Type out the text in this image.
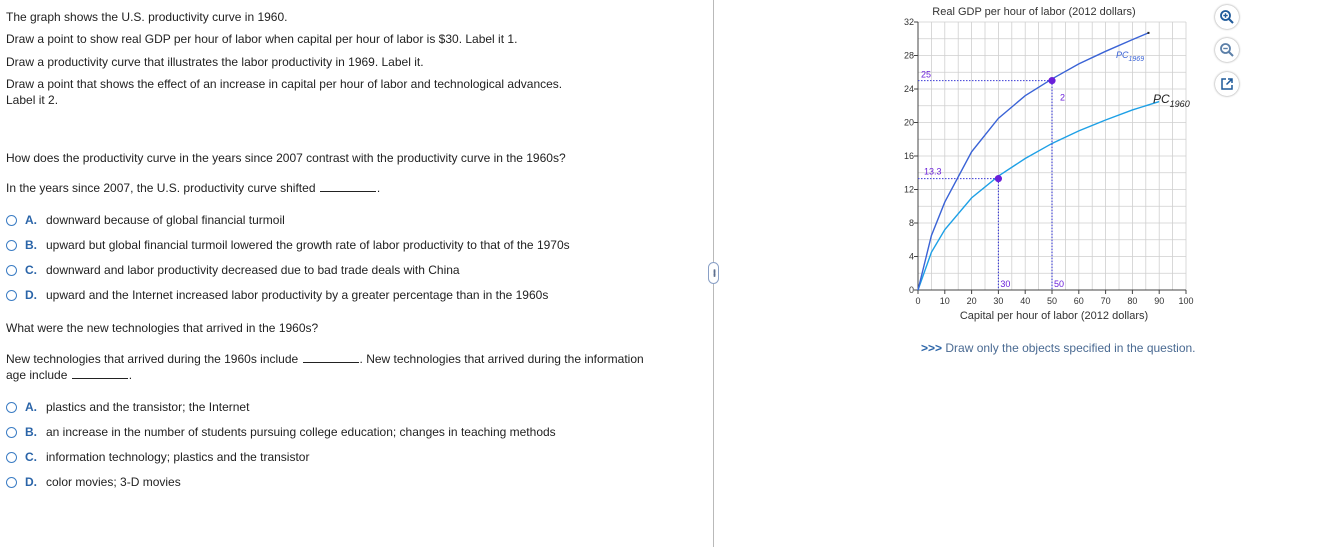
The graph shows the U.S. productivity curve in 1960.
Draw a point to show real GDP per hour of labor when capital per hour of labor is $30. Label it 1.
Draw a productivity curve that illustrates the labor productivity in 1969. Label it.
Draw a point that shows the effect of an increase in capital per hour of labor and technological advances.
Label it 2.
How does the productivity curve in the years since 2007 contrast with the productivity curve in the 1960s?
In the years since 2007, the U.S. productivity curve shifted	.
A. downward because of global financial turmoil
B. upward but global financial turmoil lowered the growth rate of labor productivity to that of the 1970s
C. downward and labor productivity decreased due to bad trade deals with China
D. upward and the Internet increased labor productivity by a greater percentage than in the 1960s
What were the new technologies that arrived in the 1960s?
New technologies that arrived during the 1960s include	. New technologies that arrived during the information
age include	.
A. plastics and the transistor; the Internet
B. an increase in the number of students pursuing college education; changes in teaching methods
C. information technology; plastics and the transistor
D. color movies; 3-D movies
•••••
Real GDP per hour of labor (2012 dollars)
0
4
8
12
16
20
24
28
32
0 10 20 30 40 50 60 70 80 90 100
Capital per hour of labor (2012 dollars)
$PC_{1960}$
$PC_{1969}$
13.3
30
2
25
50
>>> Draw only the objects specified in the question.
